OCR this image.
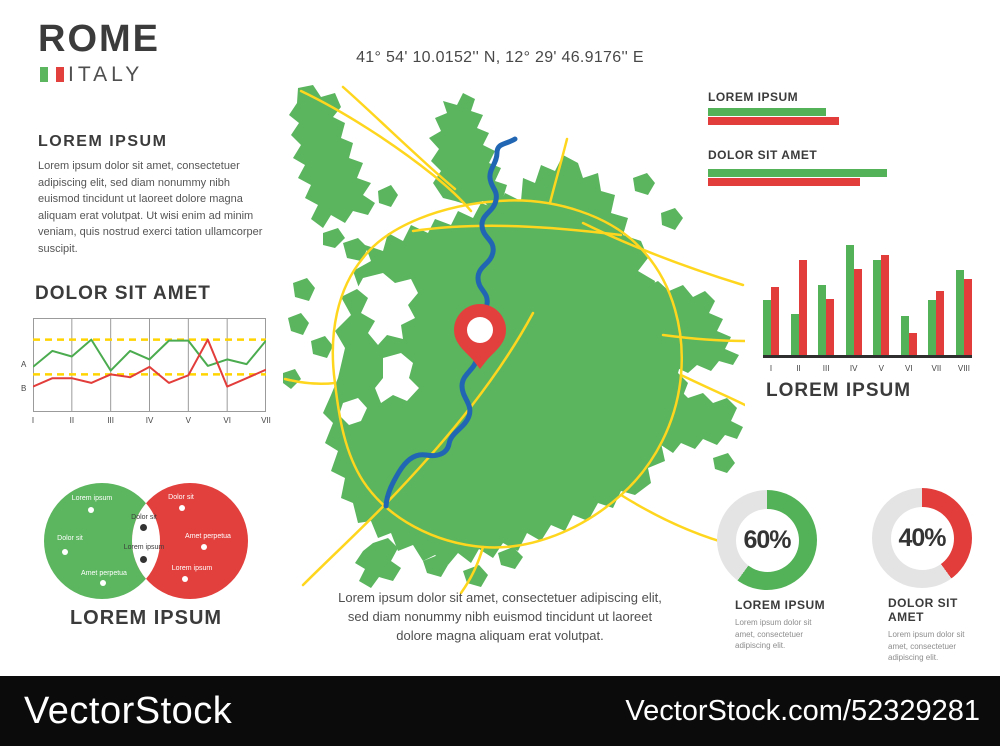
ROME
ITALY
41° 54' 10.0152'' N, 12° 29' 46.9176'' E
LOREM IPSUM
Lorem ipsum dolor sit amet, consectetuer adipiscing elit, sed diam nonummy nibh euismod tincidunt ut laoreet dolore magna aliquam erat volutpat. Ut wisi enim ad minim veniam, quis nostrud exerci tation ullamcorper suscipit.
DOLOR SIT AMET
A
B
I	II	III	IV	V	VI	VII
Lorem ipsum
Dolor sit
Amet perpetua
Dolor sit
Lorem ipsum
Dolor sit
Amet perpetua
Lorem ipsum
LOREM IPSUM
Lorem ipsum dolor sit amet, consectetuer adipiscing elit, sed diam nonummy nibh euismod tincidunt ut laoreet dolore magna aliquam erat volutpat.
LOREM IPSUM
DOLOR SIT AMET
I	II	III	IV	V	VI	VII	VIII
LOREM IPSUM
60%
LOREM IPSUM

Lorem ipsum dolor sit amet, consectetuer adipiscing elit.

40%
DOLOR SIT AMET

Lorem ipsum dolor sit amet, consectetuer adipiscing elit.

VectorStock	VectorStock.com/52329281
